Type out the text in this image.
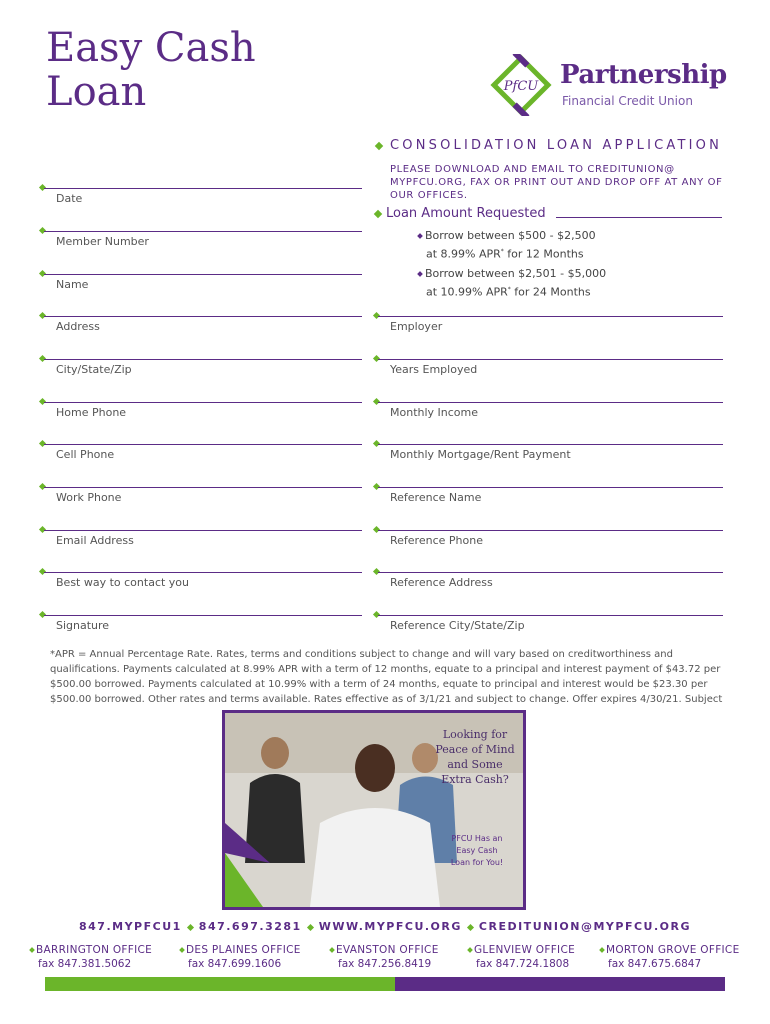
Easy Cash
Loan	PfCU Partnership
Financial Credit Union
CONSOLIDATION LOAN APPLICATION
PLEASE DOWNLOAD AND EMAIL TO CREDITUNION@ MYPFCU.ORG, FAX OR PRINT OUT AND DROP OFF AT ANY OF OUR OFFICES.
Loan Amount Requested
Borrow between $500 - $2,500
at 8.99% APR* for 12 Months
Borrow between $2,501 - $5,000
at 10.99% APR* for 24 Months
Date
Member Number
Name
Address
City/State/Zip
Home Phone
Cell Phone
Work Phone
Email Address
Best way to contact you
Signature
Employer
Years Employed
Monthly Income
Monthly Mortgage/Rent Payment
Reference Name
Reference Phone
Reference Address
Reference City/State/Zip
*APR = Annual Percentage Rate. Rates, terms and conditions subject to change and will vary based on creditworthiness and qualifications. Payments calculated at 8.99% APR with a term of 12 months, equate to a principal and interest payment of $43.72 per $500.00 borrowed. Payments calculated at 10.99% with a term of 24 months, equate to principal and interest would be $23.30 per $500.00 borrowed. Other rates and terms available. Rates effective as of 3/1/21 and subject to change. Offer expires 4/30/21. Subject
Looking for Peace of Mind and Some Extra Cash?
PFCU Has an Easy Cash Loan for You!
847.MYPFCU1 847.697.3281 WWW.MYPFCU.ORG CREDITUNION@MYPFCU.ORG
BARRINGTON OFFICE
fax 847.381.5062
DES PLAINES OFFICE
fax 847.699.1606
EVANSTON OFFICE
fax 847.256.8419
GLENVIEW OFFICE
fax 847.724.1808
MORTON GROVE OFFICE
fax 847.675.6847
